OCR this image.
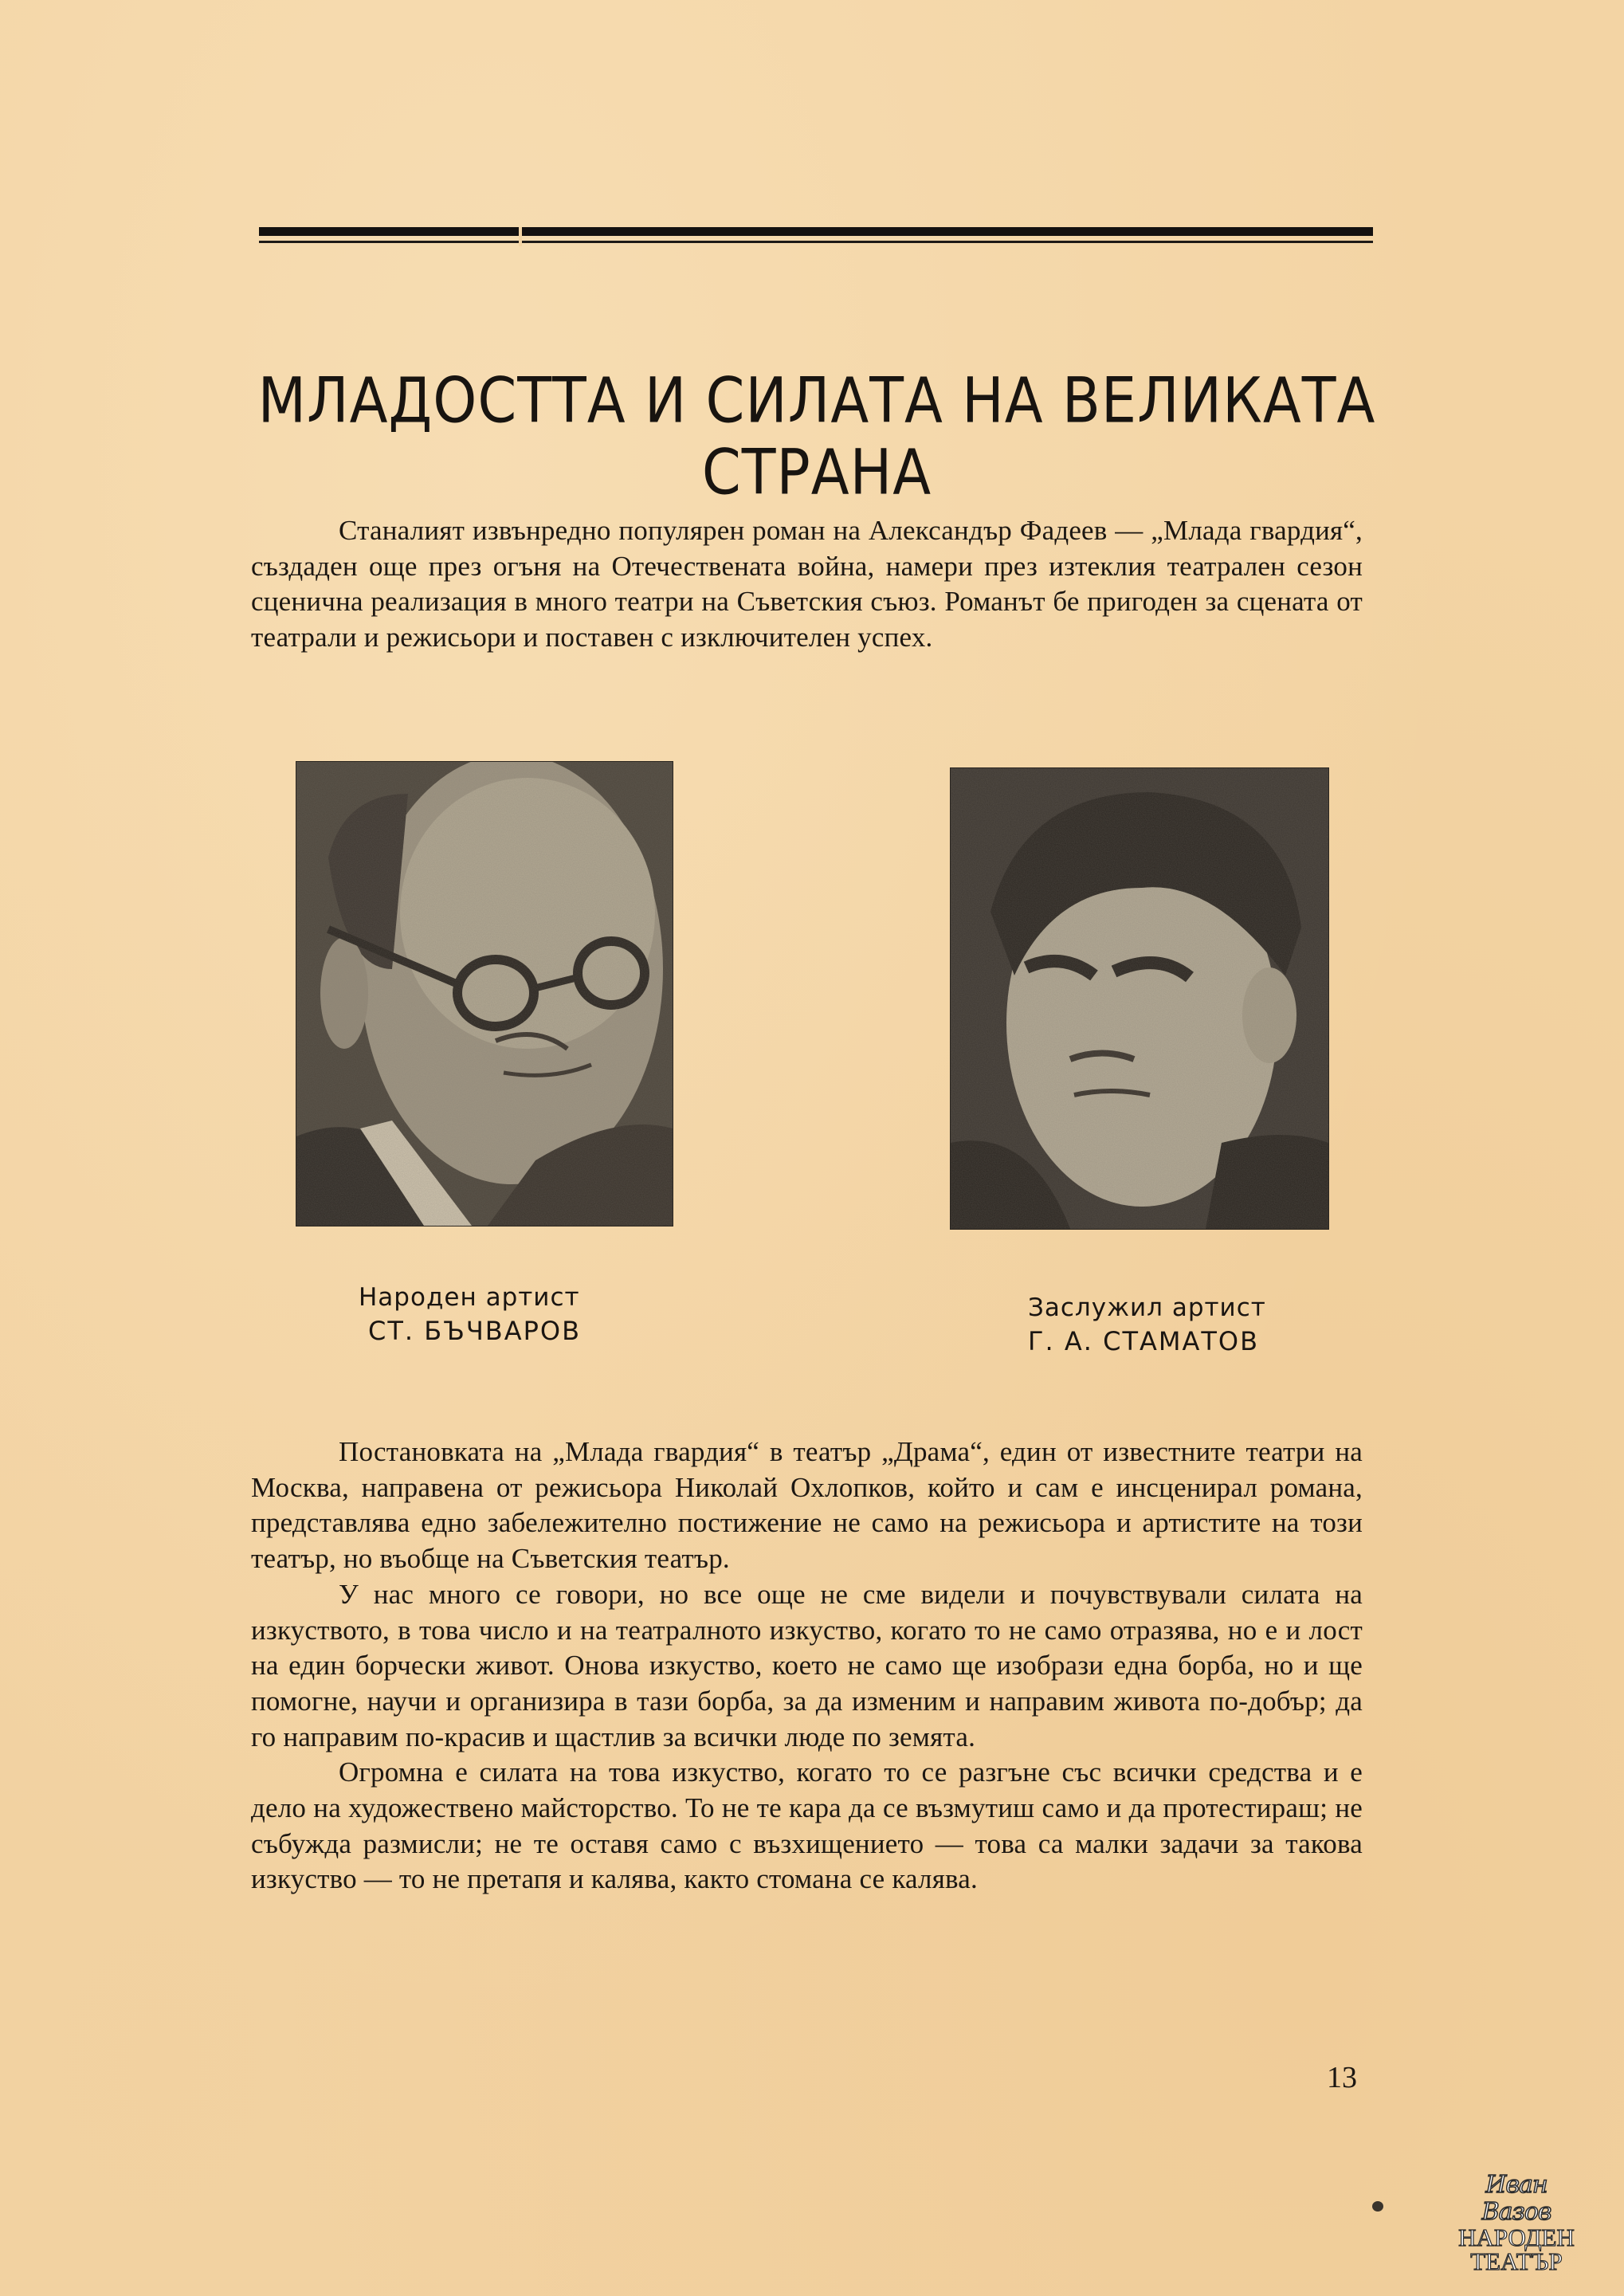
МЛАДОСТТА И СИЛАТА НА ВЕЛИКАТА
СТРАНА

Станалият извънредно популярен роман на Александър Фадеев — „Млада гвардия“, създаден още през огъня на Отечествената война, намери през изтеклия театрален сезон сценична реализация в много театри на Съветския съюз. Романът бе пригоден за сцената от театрали и режисьори и поставен с изключителен успех.

Народен артист
СТ. БЪЧВАРОВ
Заслужил артист
Г. А. СТАМАТОВ

Постановката на „Млада гвардия“ в театър „Драма“, един от известните театри на Москва, направена от режисьора Николай Охлопков, който и сам е инсценирал романа, представлява едно забележително постижение не само на режисьора и артистите на този театър, но въобще на Съветския театър.

У нас много се говори, но все още не сме видели и почувствували силата на изкуството, в това число и на театралното изкуство, когато то не само отразява, но е и лост на един борчески живот. Онова изкуство, което не само ще изобрази една борба, но и ще помогне, научи и организира в тази борба, за да изменим и направим живота по-добър; да го направим по-красив и щастлив за всички люде по земята.

Огромна е силата на това изкуство, когато то се разгъне със всички средства и е дело на художествено майсторство. То не те кара да се възмутиш само и да протестираш; не събужда размисли; не те оставя само с възхищението — това са малки задачи за такова изкуство — то не претапя и калява, както стомана се калява.

13
Иван Вазов
НАРОДЕН
ТЕАТЪР
